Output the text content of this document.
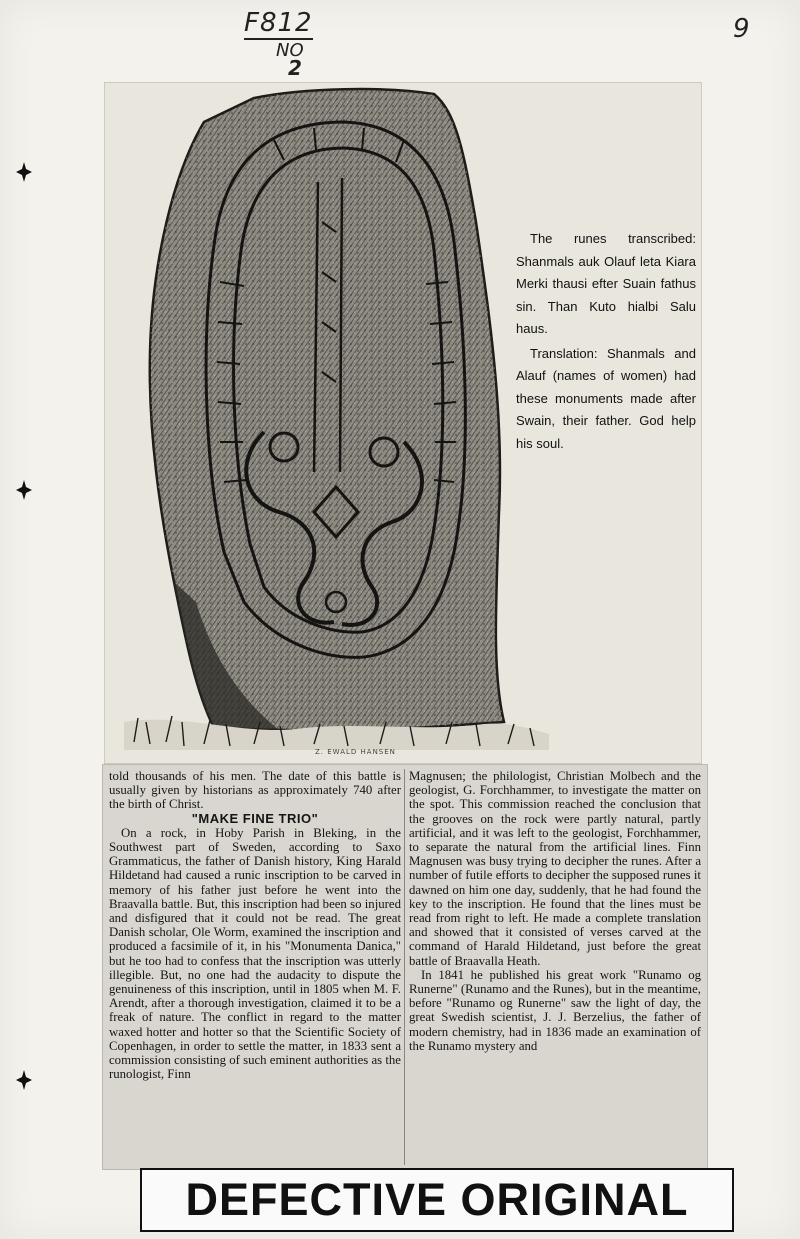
F812
NO
2
9
Z. EWALD HANSEN

The runes transcribed: Shanmals auk Olauf leta Kiara Merki thausi efter Suain fathus sin. Than Kuto hialbi Salu haus.

Translation: Shanmals and Alauf (names of women) had these monuments made after Swain, their father. God help his soul.

told thousands of his men. The date of this battle is usually given by historians as approximately 740 after the birth of Christ.

"MAKE FINE TRIO"

On a rock, in Hoby Parish in Bleking, in the Southwest part of Sweden, according to Saxo Grammaticus, the father of Danish history, King Harald Hildetand had caused a runic inscription to be carved in memory of his father just before he went into the Braavalla battle. But, this inscription had been so injured and disfigured that it could not be read. The great Danish scholar, Ole Worm, examined the inscription and produced a facsimile of it, in his "Monumenta Danica," but he too had to confess that the inscription was utterly illegible. But, no one had the audacity to dispute the genuineness of this inscription, until in 1805 when M. F. Arendt, after a thorough investigation, claimed it to be a freak of nature. The conflict in regard to the matter waxed hotter and hotter so that the Scientific Society of Copenhagen, in order to settle the matter, in 1833 sent a commission consisting of such eminent authorities as the runologist, Finn

Magnusen; the philologist, Christian Molbech and the geologist, G. Forchhammer, to investigate the matter on the spot. This commission reached the conclusion that the grooves on the rock were partly natural, partly artificial, and it was left to the geologist, Forchhammer, to separate the natural from the artificial lines. Finn Magnusen was busy trying to decipher the runes. After a number of futile efforts to decipher the supposed runes it dawned on him one day, suddenly, that he had found the key to the inscription. He found that the lines must be read from right to left. He made a complete translation and showed that it consisted of verses carved at the command of Harald Hildetand, just before the great battle of Braavalla Heath.

In 1841 he published his great work "Runamo og Runerne" (Runamo and the Runes), but in the meantime, before "Runamo og Runerne" saw the light of day, the great Swedish scientist, J. J. Berzelius, the father of modern chemistry, had in 1836 made an examination of the Runamo mystery and

DEFECTIVE ORIGINAL
